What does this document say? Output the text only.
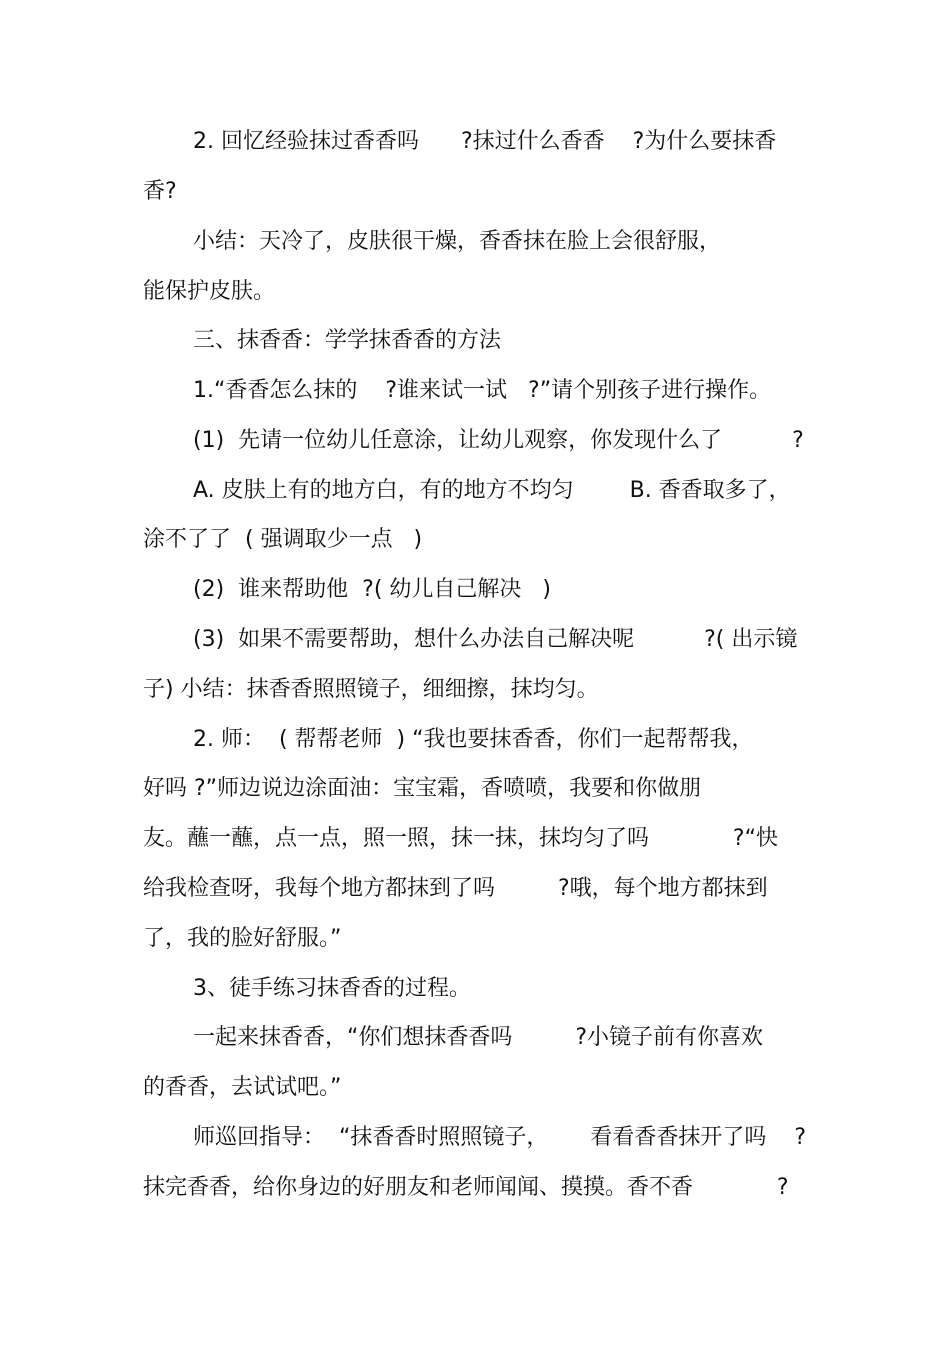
2. 回忆经验抹过香香吗      ?抹过什么香香    ?为什么要抹香
香?
小结：天冷了，皮肤很干燥，香香抹在脸上会很舒服，
能保护皮肤。
三、抹香香：学学抹香香的方法
1.“香香怎么抹的    ?谁来试一试   ?”请个别孩子进行操作。
(1)  先请一位幼儿任意涂，让幼儿观察，你发现什么了          ?
A. 皮肤上有的地方白，有的地方不均匀        B. 香香取多了，
涂不了了  ( 强调取少一点   )
(2)  谁来帮助他  ?( 幼儿自己解决   )
(3)  如果不需要帮助，想什么办法自己解决呢          ?( 出示镜
子) 小结：抹香香照照镜子，细细擦，抹均匀。
2. 师：  ( 帮帮老师  ) “我也要抹香香，你们一起帮帮我，
好吗 ?”师边说边涂面油：宝宝霜，香喷喷，我要和你做朋
友。蘸一蘸，点一点，照一照，抹一抹，抹均匀了吗            ?“快
给我检查呀，我每个地方都抹到了吗         ?哦，每个地方都抹到
了，我的脸好舒服。”
3、徒手练习抹香香的过程。
一起来抹香香，“你们想抹香香吗         ?小镜子前有你喜欢
的香香，去试试吧。”
师巡回指导：  “抹香香时照照镜子，      看看香香抹开了吗    ?
抹完香香，给你身边的好朋友和老师闻闻、摸摸。香不香            ?
